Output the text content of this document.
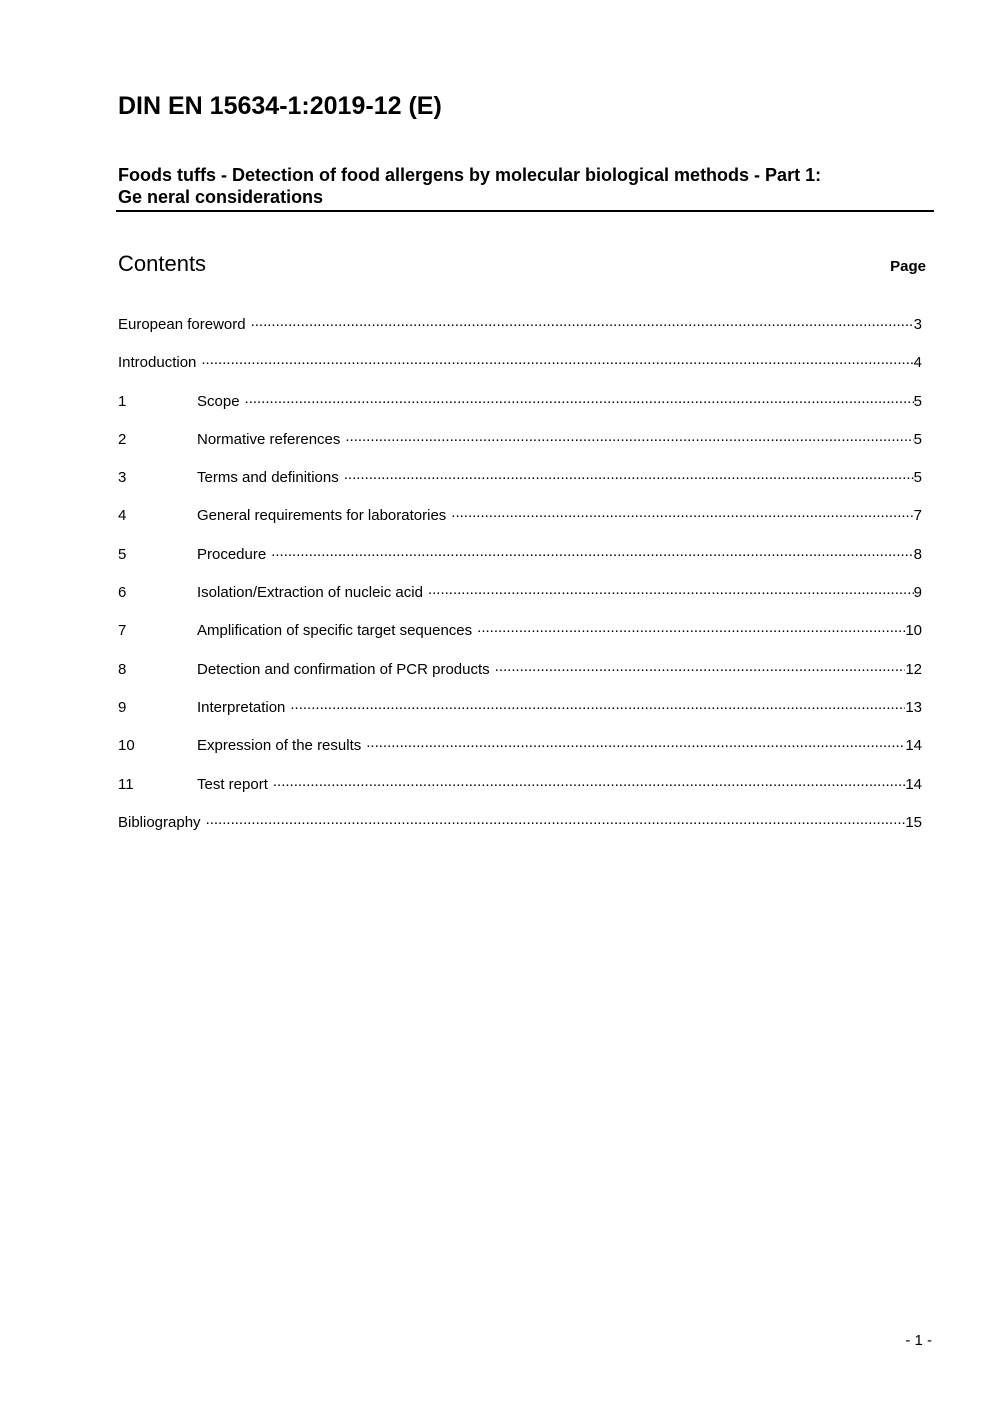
DIN EN 15634-1:2019-12 (E)
Foods tuffs - Detection of food allergens by molecular biological methods - Part 1:
Ge neral considerations
Contents	Page
European foreword .....	3
Introduction .....	4
1	Scope .....	5
2	Normative references .....	5
3	Terms and definitions .....	5
4	General requirements for laboratories .....	7
5	Procedure .....	8
6	Isolation/Extraction of nucleic acid .....	9
7	Amplification of specific target sequences .....	10
8	Detection and confirmation of PCR products .....	12
9	Interpretation .....	13
10	Expression of the results .....	14
11	Test report .....	14
Bibliography .....	15
- 1 -
